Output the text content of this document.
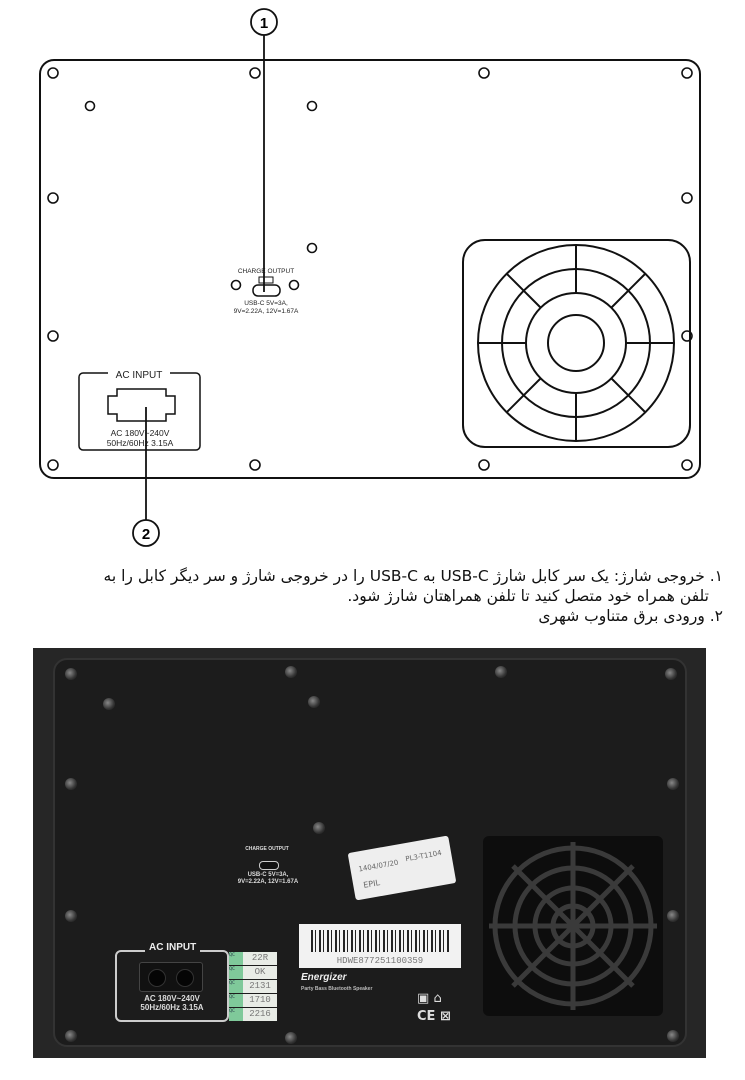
CHARGE OUTPUT
USB-C 5V=3A,
9V=2.22A, 12V=1.67A
AC INPUT
AC 180V~240V
50Hz/60Hz 3.15A
1
2
۱. خروجی شارژ: یک سر کابل شارژ USB-C به USB-C را در خروجی شارژ و سر دیگر کابل را به
تلفن همراه خود متصل کنید تا تلفن همراهتان شارژ شود.
۲. ورودی برق متناوب شهری
CHARGE OUTPUT
USB-C 5V=3A,
9V=2.22A, 12V=1.67A
1404/07/20
PL3-T1104
EPIL
AC INPUT
AC 180V~240V
50Hz/60Hz 3.15A
QC	22R
QC	OK
QC	2131
QC	1710
QC	2216
HDWE877251100359
Energizer
Party Bass Bluetooth Speaker
▣ ⌂
CE ⊠
